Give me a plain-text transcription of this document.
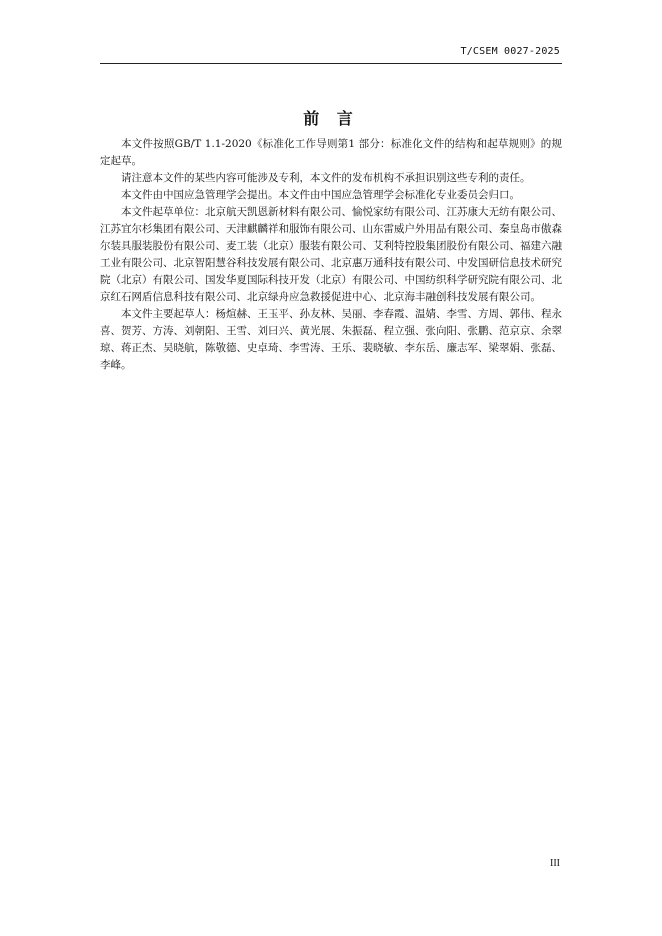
T/CSEM 0027-2025
前 言

本文件按照GB/T 1.1-2020《标准化工作导则第1 部分：标准化文件的结构和起草规则》的规定起草。

请注意本文件的某些内容可能涉及专利，本文件的发布机构不承担识别这些专利的责任。

本文件由中国应急管理学会提出。本文件由中国应急管理学会标准化专业委员会归口。

本文件起草单位：北京航天凯恩新材料有限公司、愉悦家纺有限公司、江苏康大无纺有限公司、江苏宜尔杉集团有限公司、天津麒麟祥和服饰有限公司、山东雷威户外用品有限公司、秦皇岛市傲森尔装具服装股份有限公司、麦工装（北京）服装有限公司、艾利特控股集团股份有限公司、福建六融工业有限公司、北京智阳慧谷科技发展有限公司、北京惠万通科技有限公司、中发国研信息技术研究院（北京）有限公司、国发华夏国际科技开发（北京）有限公司、中国纺织科学研究院有限公司、北京红石网盾信息科技有限公司、北京绿舟应急救援促进中心、北京海丰融创科技发展有限公司。

本文件主要起草人：杨煊赫、王玉平、孙友林、吴丽、李春霞、温婧、李雪、方周、郭伟、程永喜、贺芳、方涛、刘朝阳、王雪、刘曰兴、黄光展、朱振磊、程立强、张向阳、张鹏、范京京、余翠琼、蒋正杰、吴晓航，陈敬德、史卓琦、李雪涛、王乐、裴晓敏、李东岳、廉志军、梁翠娟、张磊、李峰。

III
